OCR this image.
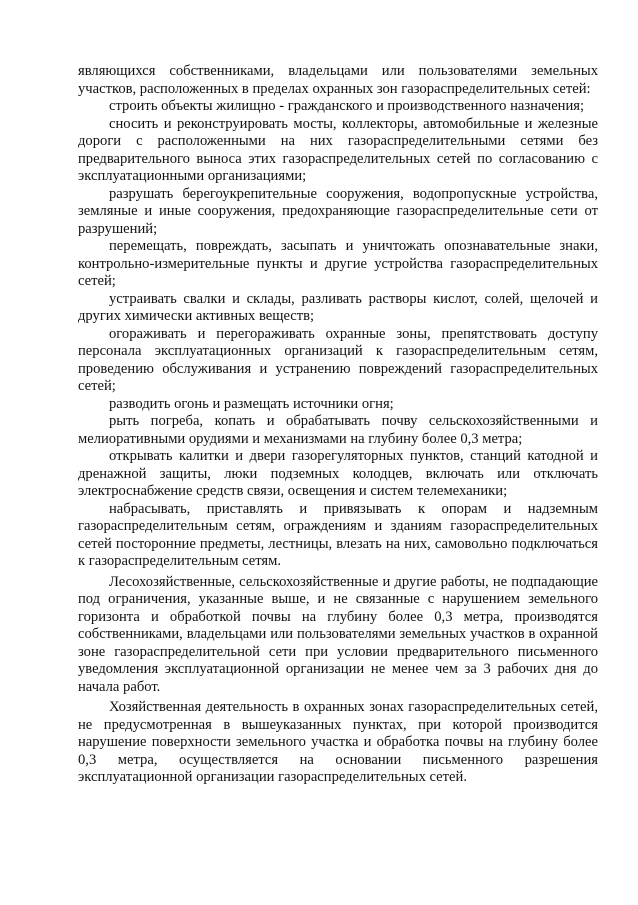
являющихся собственниками, владельцами или пользователями земельных участков, расположенных в пределах охранных зон газораспределительных сетей:

строить объекты жилищно - гражданского и производственного назначения;

сносить и реконструировать мосты, коллекторы, автомобильные и железные дороги с расположенными на них газораспределительными сетями без предварительного выноса этих газораспределительных сетей по согласованию с эксплуатационными организациями;

разрушать берегоукрепительные сооружения, водопропускные устройства, земляные и иные сооружения, предохраняющие газораспределительные сети от разрушений;

перемещать, повреждать, засыпать и уничтожать опознавательные знаки, контрольно-измерительные пункты и другие устройства газораспределительных сетей;

устраивать свалки и склады, разливать растворы кислот, солей, щелочей и других химически активных веществ;

огораживать и перегораживать охранные зоны, препятствовать доступу персонала эксплуатационных организаций к газораспределительным сетям, проведению обслуживания и устранению повреждений газораспределительных сетей;

разводить огонь и размещать источники огня;

рыть погреба, копать и обрабатывать почву сельскохозяйственными и мелиоративными орудиями и механизмами на глубину более 0,3 метра;

открывать калитки и двери газорегуляторных пунктов, станций катодной и дренажной защиты, люки подземных колодцев, включать или отключать электроснабжение средств связи, освещения и систем телемеханики;

набрасывать, приставлять и привязывать к опорам и надземным газораспределительным сетям, ограждениям и зданиям газораспределительных сетей посторонние предметы, лестницы, влезать на них, самовольно подключаться к газораспределительным сетям.

Лесохозяйственные, сельскохозяйственные и другие работы, не подпадающие под ограничения, указанные выше, и не связанные с нарушением земельного горизонта и обработкой почвы на глубину более 0,3 метра, производятся собственниками, владельцами или пользователями земельных участков в охранной зоне газораспределительной сети при условии предварительного письменного уведомления эксплуатационной организации не менее чем за 3 рабочих дня до начала работ.

Хозяйственная деятельность в охранных зонах газораспределительных сетей, не предусмотренная в вышеуказанных пунктах, при которой производится нарушение поверхности земельного участка и обработка почвы на глубину более 0,3 метра, осуществляется на основании письменного разрешения эксплуатационной организации газораспределительных сетей.
